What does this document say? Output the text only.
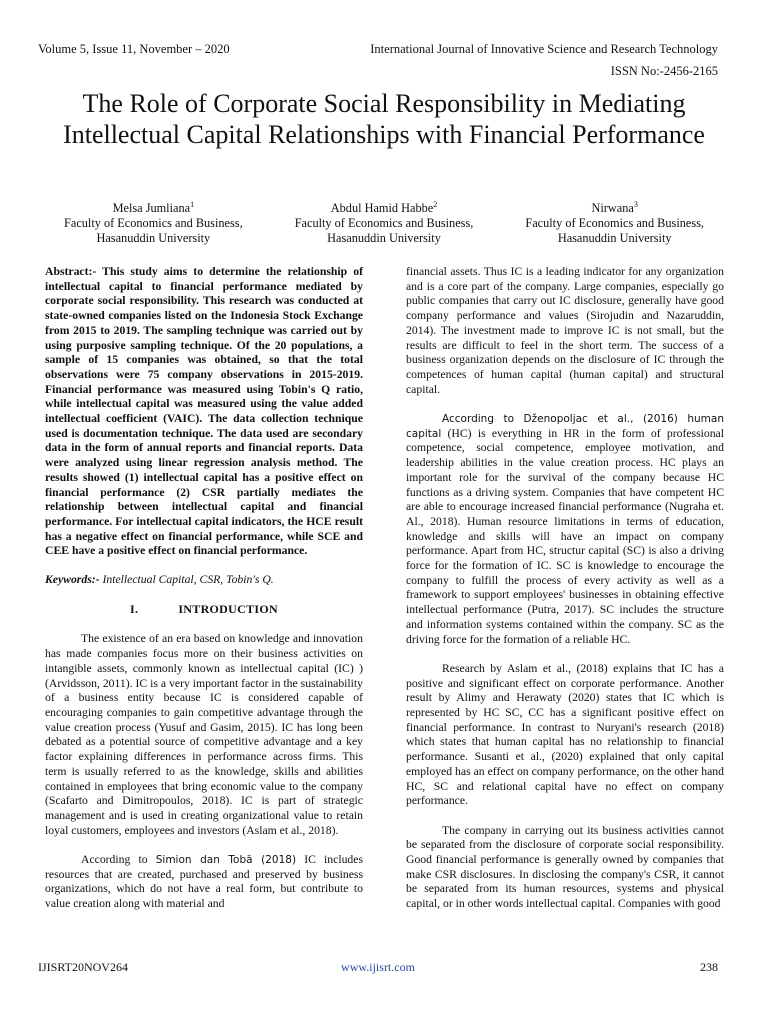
Volume 5, Issue 11, November – 2020	International Journal of Innovative Science and Research Technology
ISSN No:-2456-2165
The Role of Corporate Social Responsibility in Mediating Intellectual Capital Relationships with Financial Performance
Melsa Jumliana$^1$
Faculty of Economics and Business,
Hasanuddin University
Abdul Hamid Habbe$^2$
Faculty of Economics and Business,
Hasanuddin University
Nirwana$^3$
Faculty of Economics and Business,
Hasanuddin University

Abstract:- This study aims to determine the relationship of intellectual capital to financial performance mediated by corporate social responsibility. This research was conducted at state-owned companies listed on the Indonesia Stock Exchange from 2015 to 2019. The sampling technique was carried out by using purposive sampling technique. Of the 20 populations, a sample of 15 companies was obtained, so that the total observations were 75 company observations in 2015-2019. Financial performance was measured using Tobin's Q ratio, while intellectual capital was measured using the value added intellectual coefficient (VAIC). The data collection technique used is documentation technique. The data used are secondary data in the form of annual reports and financial reports. Data were analyzed using linear regression analysis method. The results showed (1) intellectual capital has a positive effect on financial performance (2) CSR partially mediates the relationship between intellectual capital and financial performance. For intellectual capital indicators, the HCE result has a negative effect on financial performance, while SCE and CEE have a positive effect on financial performance.

Keywords:- Intellectual Capital, CSR, Tobin's Q.

I.	INTRODUCTION

The existence of an era based on knowledge and innovation has made companies focus more on their business activities on intangible assets, commonly known as intellectual capital (IC) ) (Arvidsson, 2011). IC is a very important factor in the sustainability of a business entity because IC is considered capable of encouraging companies to gain competitive advantage through the value creation process (Yusuf and Gasim, 2015). IC has long been debated as a potential source of competitive advantage and a key factor explaining differences in performance across firms. This term is usually referred to as the knowledge, skills and abilities contained in employees that bring economic value to the company (Scafarto and Dimitropoulos, 2018). IC is part of strategic management and is used in creating organizational value to retain loyal customers, employees and investors (Aslam et al., 2018).

According to Simion dan Tobă (2018) IC includes resources that are created, purchased and preserved by business organizations, which do not have a real form, but contribute to value creation along with material and

financial assets. Thus IC is a leading indicator for any organization and is a core part of the company. Large companies, especially go public companies that carry out IC disclosure, generally have good company performance and values (Sirojudin and Nazaruddin, 2014). The investment made to improve IC is not small, but the results are difficult to feel in the short term. The success of a business organization depends on the disclosure of IC through the competences of human capital (human capital) and structural capital.

According to Dženopoljac et al., (2016) human capital (HC) is everything in HR in the form of professional competence, social competence, employee motivation, and leadership abilities in the value creation process. HC plays an important role for the survival of the company because HC functions as a driving system. Companies that have competent HC are able to encourage increased financial performance (Nugraha et. Al., 2018). Human resource limitations in terms of education, knowledge and skills will have an impact on company performance. Apart from HC, structur capital (SC) is also a driving force for the formation of IC. SC is knowledge to encourage the company to fulfill the process of every activity as well as a framework to support employees' businesses in obtaining effective intellectual performance (Putra, 2017). SC includes the structure and information systems contained within the company. SC as the driving force for the formation of a reliable HC.

Research by Aslam et al., (2018) explains that IC has a positive and significant effect on corporate performance. Another result by Alimy and Herawaty (2020) states that IC which is represented by HC SC, CC has a significant positive effect on financial performance. In contrast to Nuryani's research (2018) which states that human capital has no relationship to financial performance. Susanti et al., (2020) explained that only capital employed has an effect on company performance, on the other hand HC, SC and relational capital have no effect on company performance.

The company in carrying out its business activities cannot be separated from the disclosure of corporate social responsibility. Good financial performance is generally owned by companies that make CSR disclosures. In disclosing the company's CSR, it cannot be separated from its human resources, systems and physical capital, or in other words intellectual capital. Companies with good

IJISRT20NOV264	www.ijisrt.com	238
